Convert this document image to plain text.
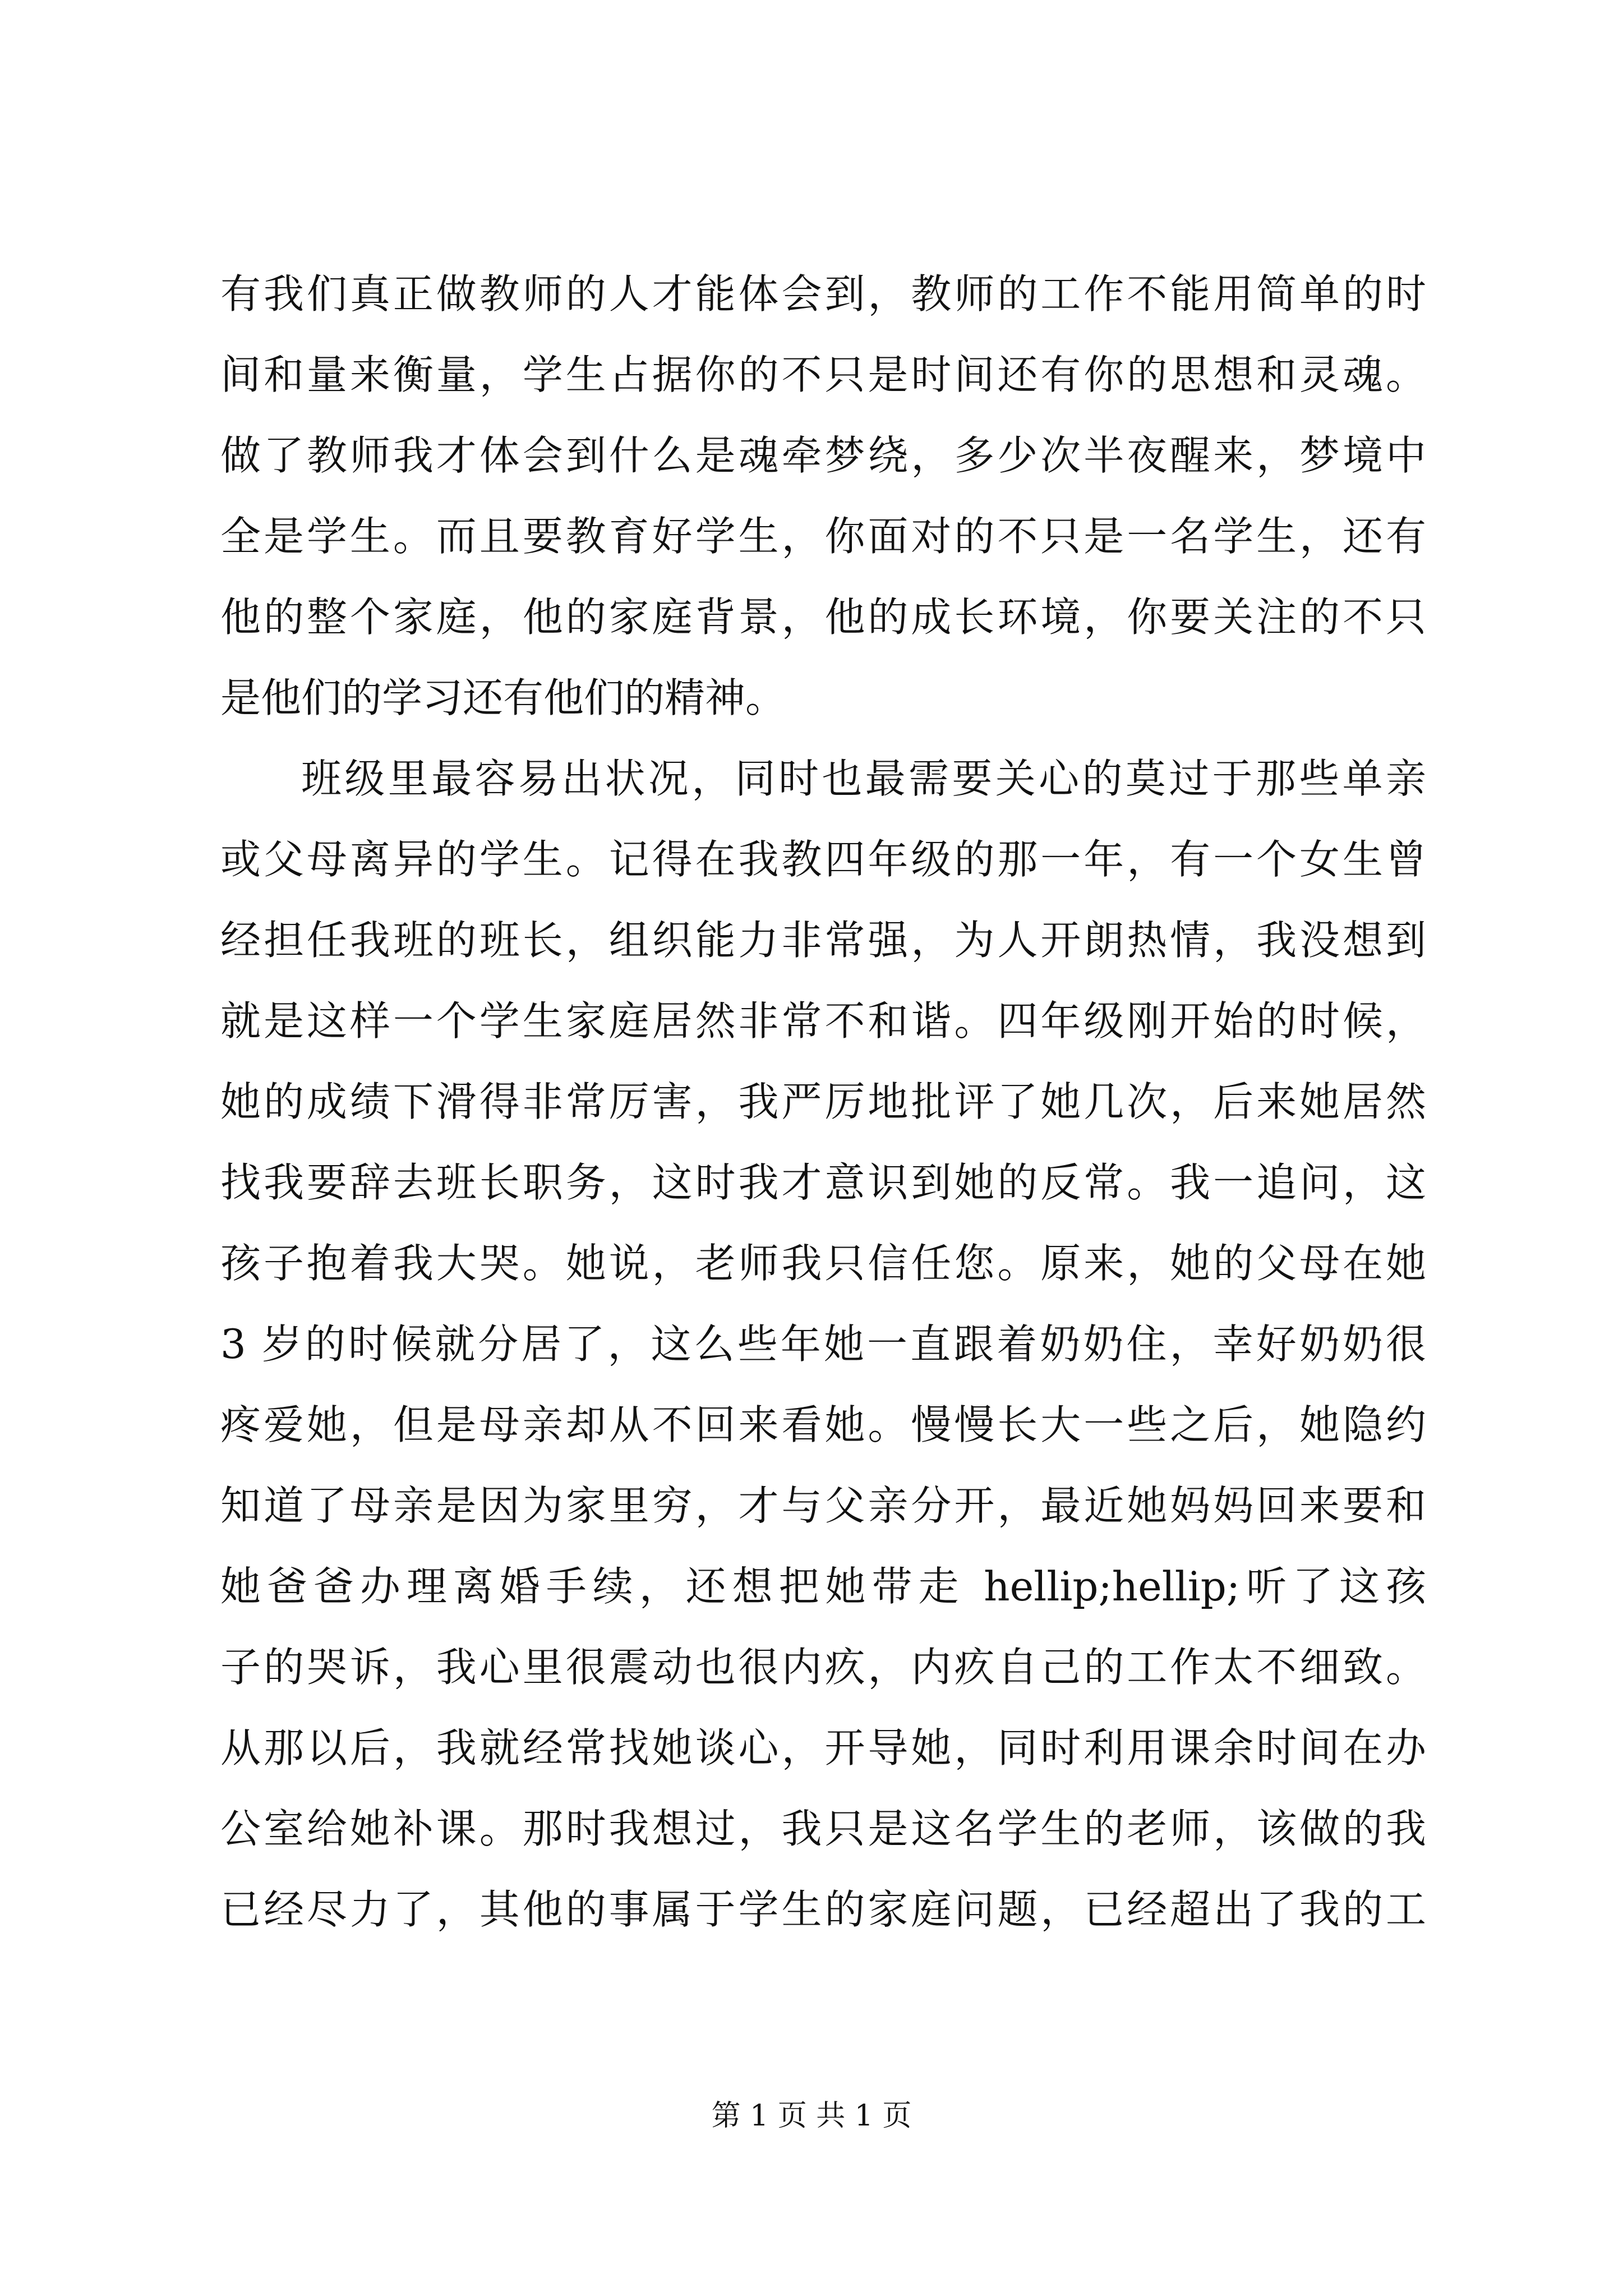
有我们真正做教师的人才能体会到，教师的工作不能用简单的时
间和量来衡量，学生占据你的不只是时间还有你的思想和灵魂。
做了教师我才体会到什么是魂牵梦绕，多少次半夜醒来，梦境中
全是学生。而且要教育好学生，你面对的不只是一名学生，还有
他的整个家庭，他的家庭背景，他的成长环境，你要关注的不只
是他们的学习还有他们的精神。
班级里最容易出状况，同时也最需要关心的莫过于那些单亲
或父母离异的学生。记得在我教四年级的那一年，有一个女生曾
经担任我班的班长，组织能力非常强，为人开朗热情，我没想到
就是这样一个学生家庭居然非常不和谐。四年级刚开始的时候，
她的成绩下滑得非常厉害，我严厉地批评了她几次，后来她居然
找我要辞去班长职务，这时我才意识到她的反常。我一追问，这
孩子抱着我大哭。她说，老师我只信任您。原来，她的父母在她
3 岁的时候就分居了，这么些年她一直跟着奶奶住，幸好奶奶很
疼爱她，但是母亲却从不回来看她。慢慢长大一些之后，她隐约
知道了母亲是因为家里穷，才与父亲分开，最近她妈妈回来要和
她爸爸办理离婚手续，还想把她带走 hellip;hellip;听了这孩
子的哭诉，我心里很震动也很内疚，内疚自己的工作太不细致。
从那以后，我就经常找她谈心，开导她，同时利用课余时间在办
公室给她补课。那时我想过，我只是这名学生的老师，该做的我
已经尽力了，其他的事属于学生的家庭问题，已经超出了我的工
第 1 页 共 1 页
